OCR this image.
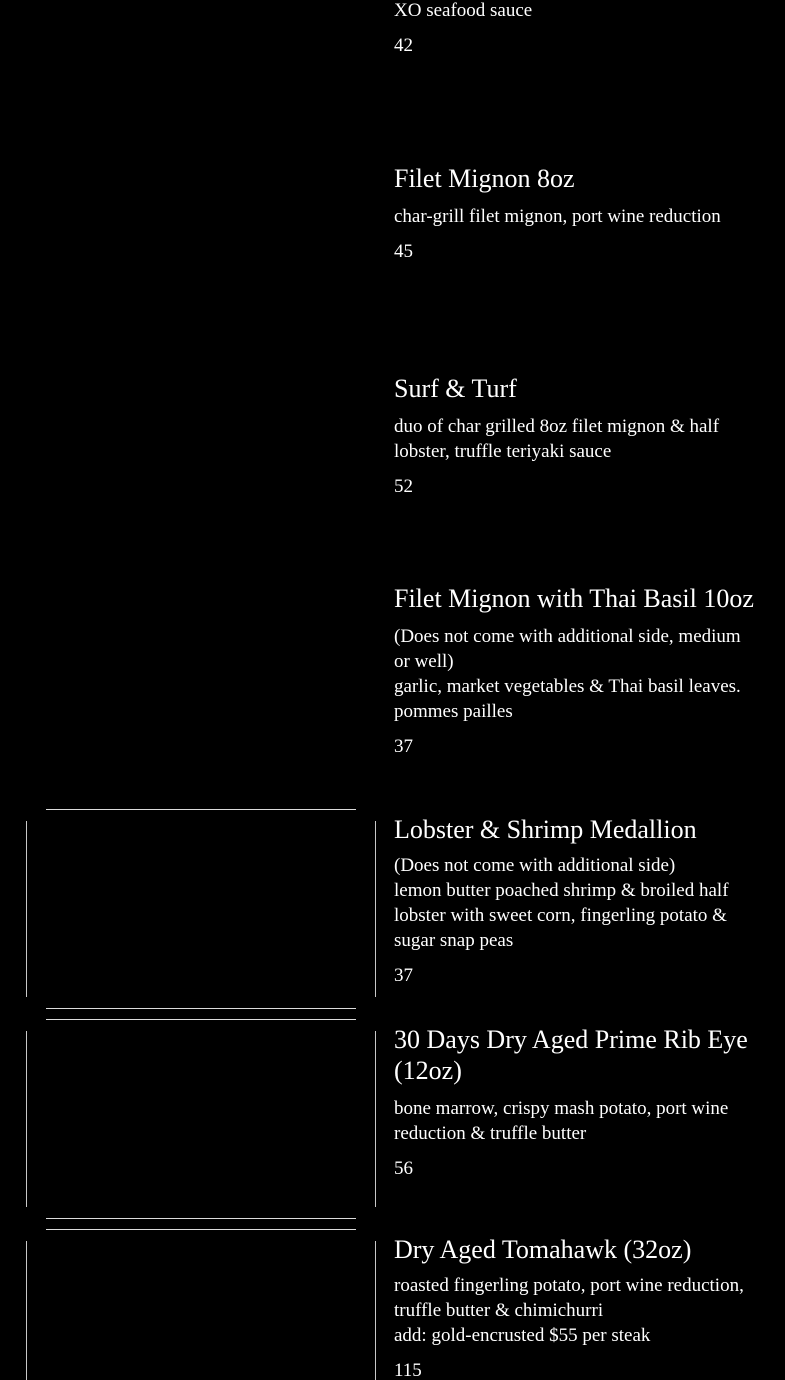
XO seafood sauce

42

Filet Mignon 8oz

char-grill filet mignon, port wine reduction

45

Surf & Turf

duo of char grilled 8oz filet mignon & half lobster, truffle teriyaki sauce

52

Filet Mignon with Thai Basil 10oz

(Does not come with additional side, medium or well)

garlic, market vegetables & Thai basil leaves. pommes pailles

37

Lobster & Shrimp Medallion

(Does not come with additional side)

lemon butter poached shrimp & broiled half lobster with sweet corn, fingerling potato & sugar snap peas

37

30 Days Dry Aged Prime Rib Eye (12oz)

bone marrow, crispy mash potato, port wine reduction & truffle butter

56

Dry Aged Tomahawk (32oz)

roasted fingerling potato, port wine reduction, truffle butter & chimichurri

add: gold-encrusted $55 per steak

115
